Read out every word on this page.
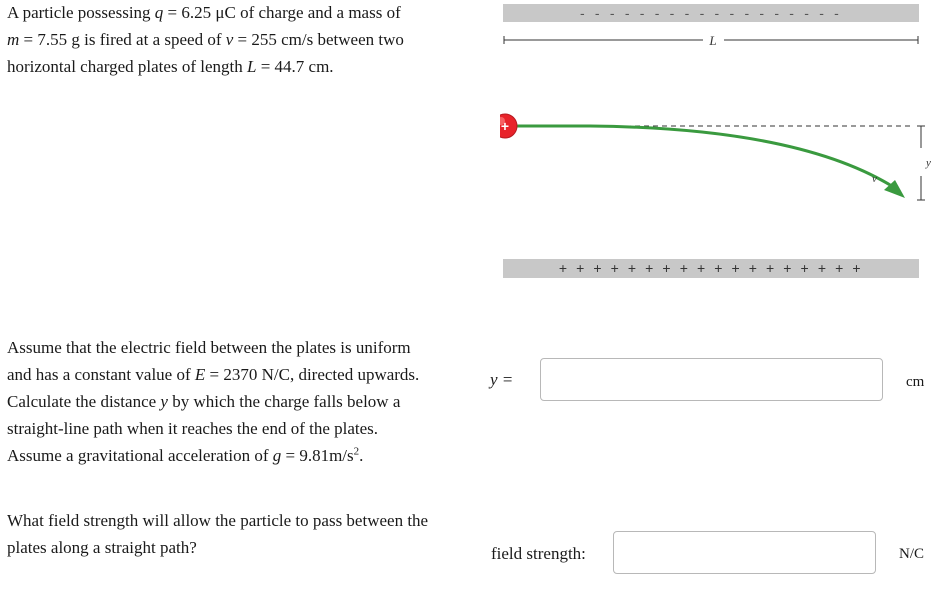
A particle possessing q = 6.25 μC of charge and a mass of
m = 7.55 g is fired at a speed of v = 255 cm/s between two
horizontal charged plates of length L = 44.7 cm.

Assume that the electric field between the plates is uniform
and has a constant value of E = 2370 N/C, directed upwards.
Calculate the distance y by which the charge falls below a
straight-line path when it reaches the end of the plates.
Assume a gravitational acceleration of $g = 9.81m/s^2$.

What field strength will allow the particle to pass between the
plates along a straight path?

- - - - - - - - - - - - - - - - - -
L
v
y
+
+ + + + + + + + + + + + + + + + + +
y =	cm
field strength:	N/C
